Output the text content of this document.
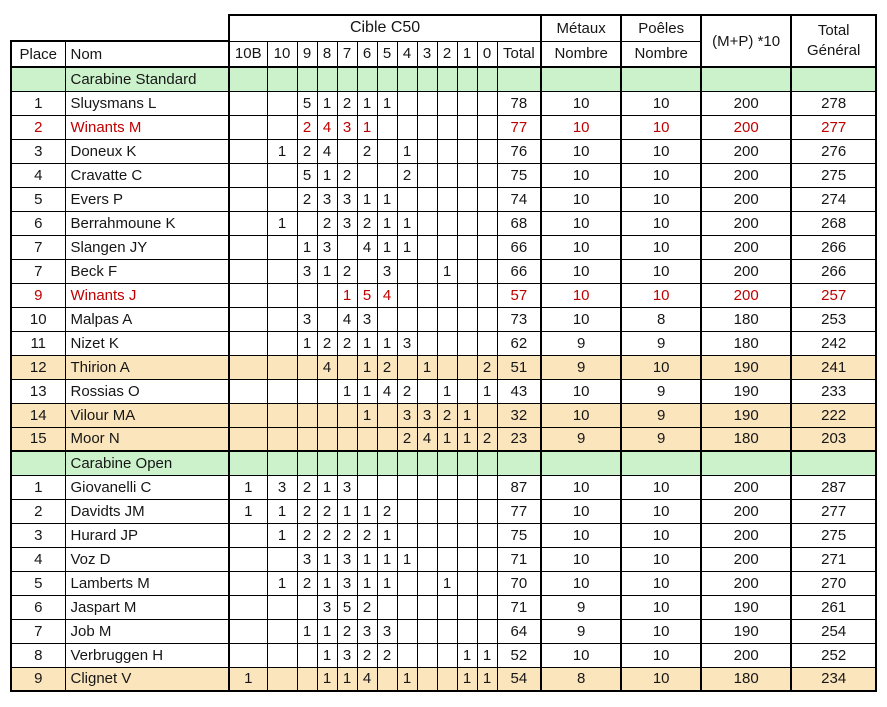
		Cible C50													Métaux	Poêles	(M+P) *10	Total
Général

Place	Nom	10B	10	9	8	7	6	5	4	3	2	1	0	Total	Nombre	Nombre		
	Carabine Standard																	
1	Sluysmans L			5	1	2	1	1						78	10	10	200	278
2	Winants M			2	4	3	1							77	10	10	200	277
3	Doneux K		1	2	4		2		1					76	10	10	200	276
4	Cravatte C			5	1	2			2					75	10	10	200	275
5	Evers P			2	3	3	1	1						74	10	10	200	274
6	Berrahmoune K		1		2	3	2	1	1					68	10	10	200	268
7	Slangen JY			1	3		4	1	1					66	10	10	200	266
7	Beck F			3	1	2		3			1			66	10	10	200	266
9	Winants J					1	5	4						57	10	10	200	257
10	Malpas A			3		4	3							73	10	8	180	253
11	Nizet K			1	2	2	1	1	3					62	9	9	180	242
12	Thirion A				4		1	2		1			2	51	9	10	190	241
13	Rossias O					1	1	4	2		1		1	43	10	9	190	233
14	Vilour MA						1		3	3	2	1		32	10	9	190	222
15	Moor N								2	4	1	1	2	23	9	9	180	203
	Carabine Open																	
1	Giovanelli C	1	3	2	1	3								87	10	10	200	287
2	Davidts JM	1	1	2	2	1	1	2						77	10	10	200	277
3	Hurard JP		1	2	2	2	2	1						75	10	10	200	275
4	Voz D			3	1	3	1	1	1					71	10	10	200	271
5	Lamberts M		1	2	1	3	1	1			1			70	10	10	200	270
6	Jaspart M				3	5	2							71	9	10	190	261
7	Job M			1	1	2	3	3						64	9	10	190	254
8	Verbruggen H				1	3	2	2				1	1	52	10	10	200	252
9	Clignet V	1			1	1	4		1			1	1	54	8	10	180	234
